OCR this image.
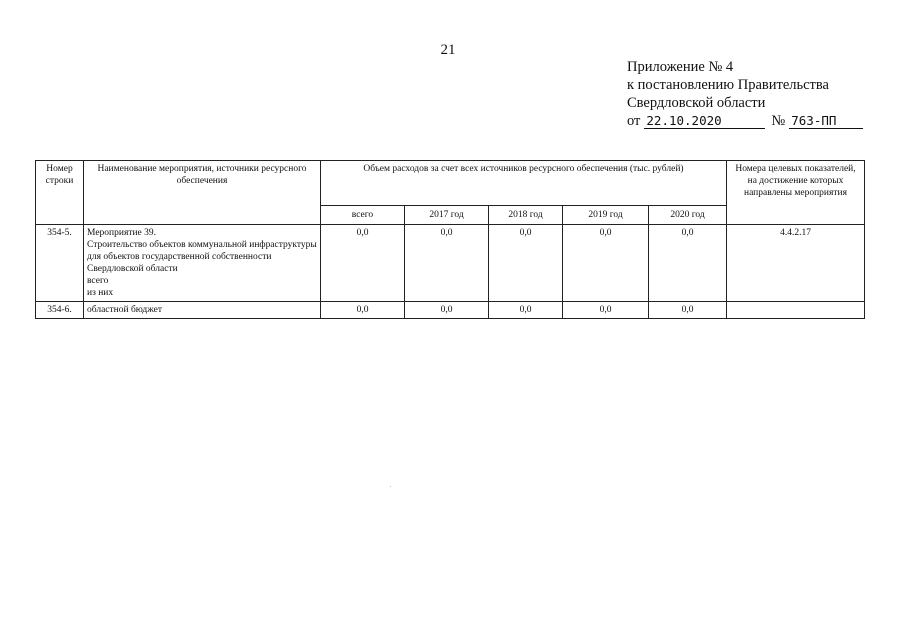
21
Приложение № 4
к постановлению Правительства
Свердловской области
от 22.10.2020	№ 763-ПП
Номер строки	Наименование мероприятия, источники ресурсного обеспечения	Объем расходов за счет всех источников ресурсного обеспечения (тыс. рублей)					Номера целевых показателей, на достижение которых направлены мероприятия
		всего	2017 год	2018 год	2019 год	2020 год	
354-5.	Мероприятие 39.
Строительство объектов коммунальной инфраструктуры для объектов государственной собственности Свердловской области
всего
из них	0,0	0,0	0,0	0,0	0,0	4.4.2.17
354-6.	областной бюджет	0,0	0,0	0,0	0,0	0,0	
